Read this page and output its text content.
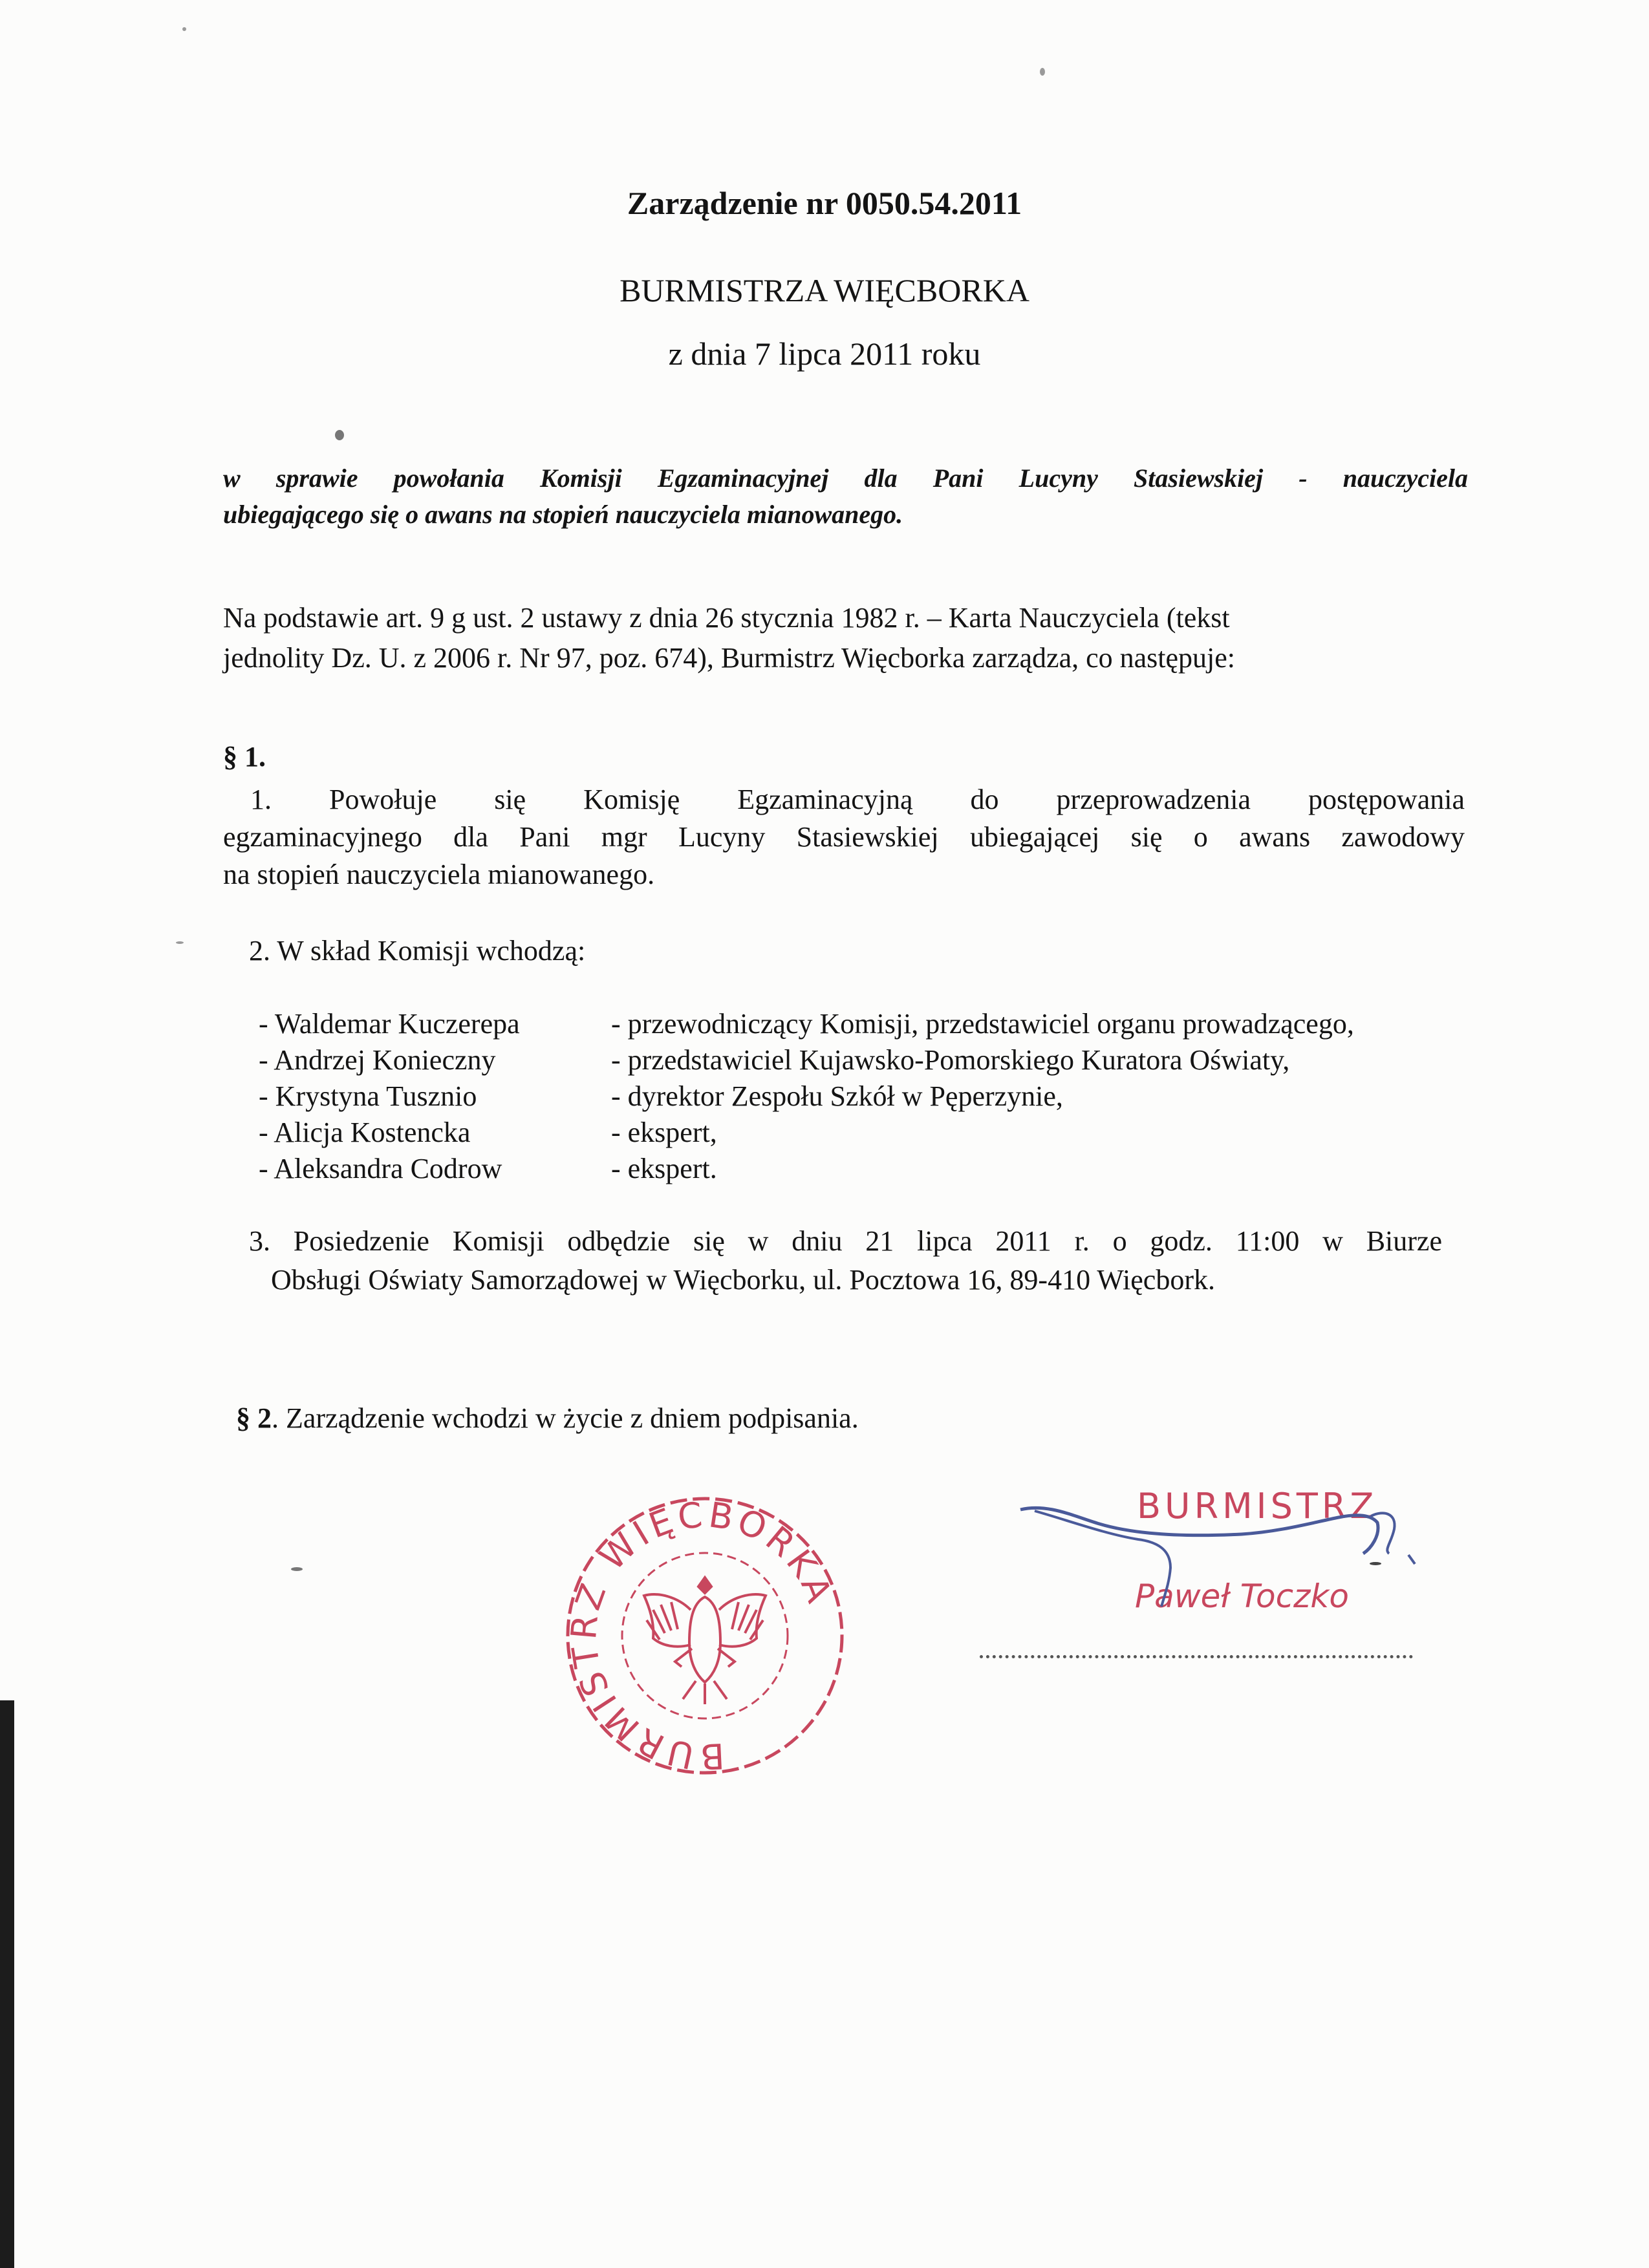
Zarządzenie nr 0050.54.2011
BURMISTRZA WIĘCBORKA
z dnia 7 lipca 2011 roku
w sprawie powołania Komisji Egzaminacyjnej dla Pani Lucyny Stasiewskiej - nauczyciela
ubiegającego się o awans na stopień nauczyciela mianowanego.
Na podstawie art. 9 g ust. 2 ustawy z dnia 26 stycznia 1982 r. – Karta Nauczyciela (tekst
jednolity Dz. U. z 2006 r. Nr 97, poz. 674), Burmistrz Więcborka zarządza, co następuje:
§ 1.
1. Powołuje się Komisję Egzaminacyjną do przeprowadzenia postępowania
egzaminacyjnego dla Pani mgr Lucyny Stasiewskiej ubiegającej się o awans zawodowy
na stopień nauczyciela mianowanego.
2. W skład Komisji wchodzą:
- Waldemar Kuczerepa	- przewodniczący Komisji, przedstawiciel organu prowadzącego,
- Andrzej Konieczny	- przedstawiciel Kujawsko-Pomorskiego Kuratora Oświaty,
- Krystyna Tusznio	- dyrektor Zespołu Szkół w Pęperzynie,
- Alicja Kostencka	- ekspert,
- Aleksandra Codrow	- ekspert.
3. Posiedzenie Komisji odbędzie się w dniu 21 lipca 2011 r. o godz. 11:00 w Biurze
Obsługi Oświaty Samorządowej w Więcborku, ul. Pocztowa 16, 89-410 Więcbork.
§ 2. Zarządzenie wchodzi w życie z dniem podpisania.
BURMISTRZ WIĘCBORKA
BURMISTRZ
Paweł Toczko
